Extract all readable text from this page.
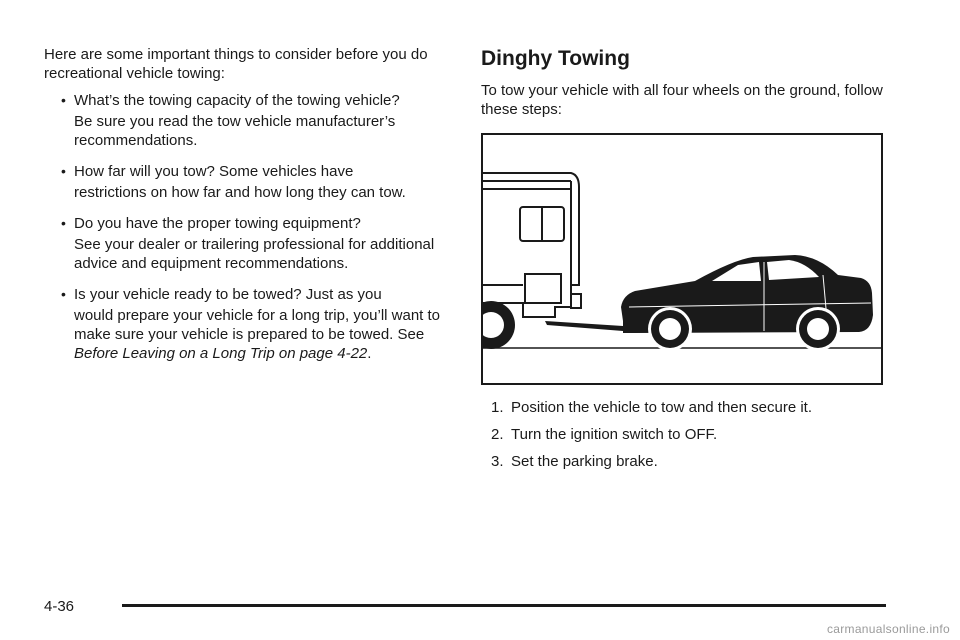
Here are some important things to consider before you do recreational vehicle towing:

• What’s the towing capacity of the towing vehicle?
Be sure you read the tow vehicle manufacturer’s recommendations.
• How far will you tow? Some vehicles have
restrictions on how far and how long they can tow.
• Do you have the proper towing equipment?
See your dealer or trailering professional for additional advice and equipment recommendations.
• Is your vehicle ready to be towed? Just as you
would prepare your vehicle for a long trip, you’ll want to make sure your vehicle is prepared to be towed. See Before Leaving on a Long Trip on page 4-22.
Dinghy Towing

To tow your vehicle with all four wheels on the ground, follow these steps:

1. Position the vehicle to tow and then secure it.
2. Turn the ignition switch to OFF.
3. Set the parking brake.
4-36
carmanualsonline.info
